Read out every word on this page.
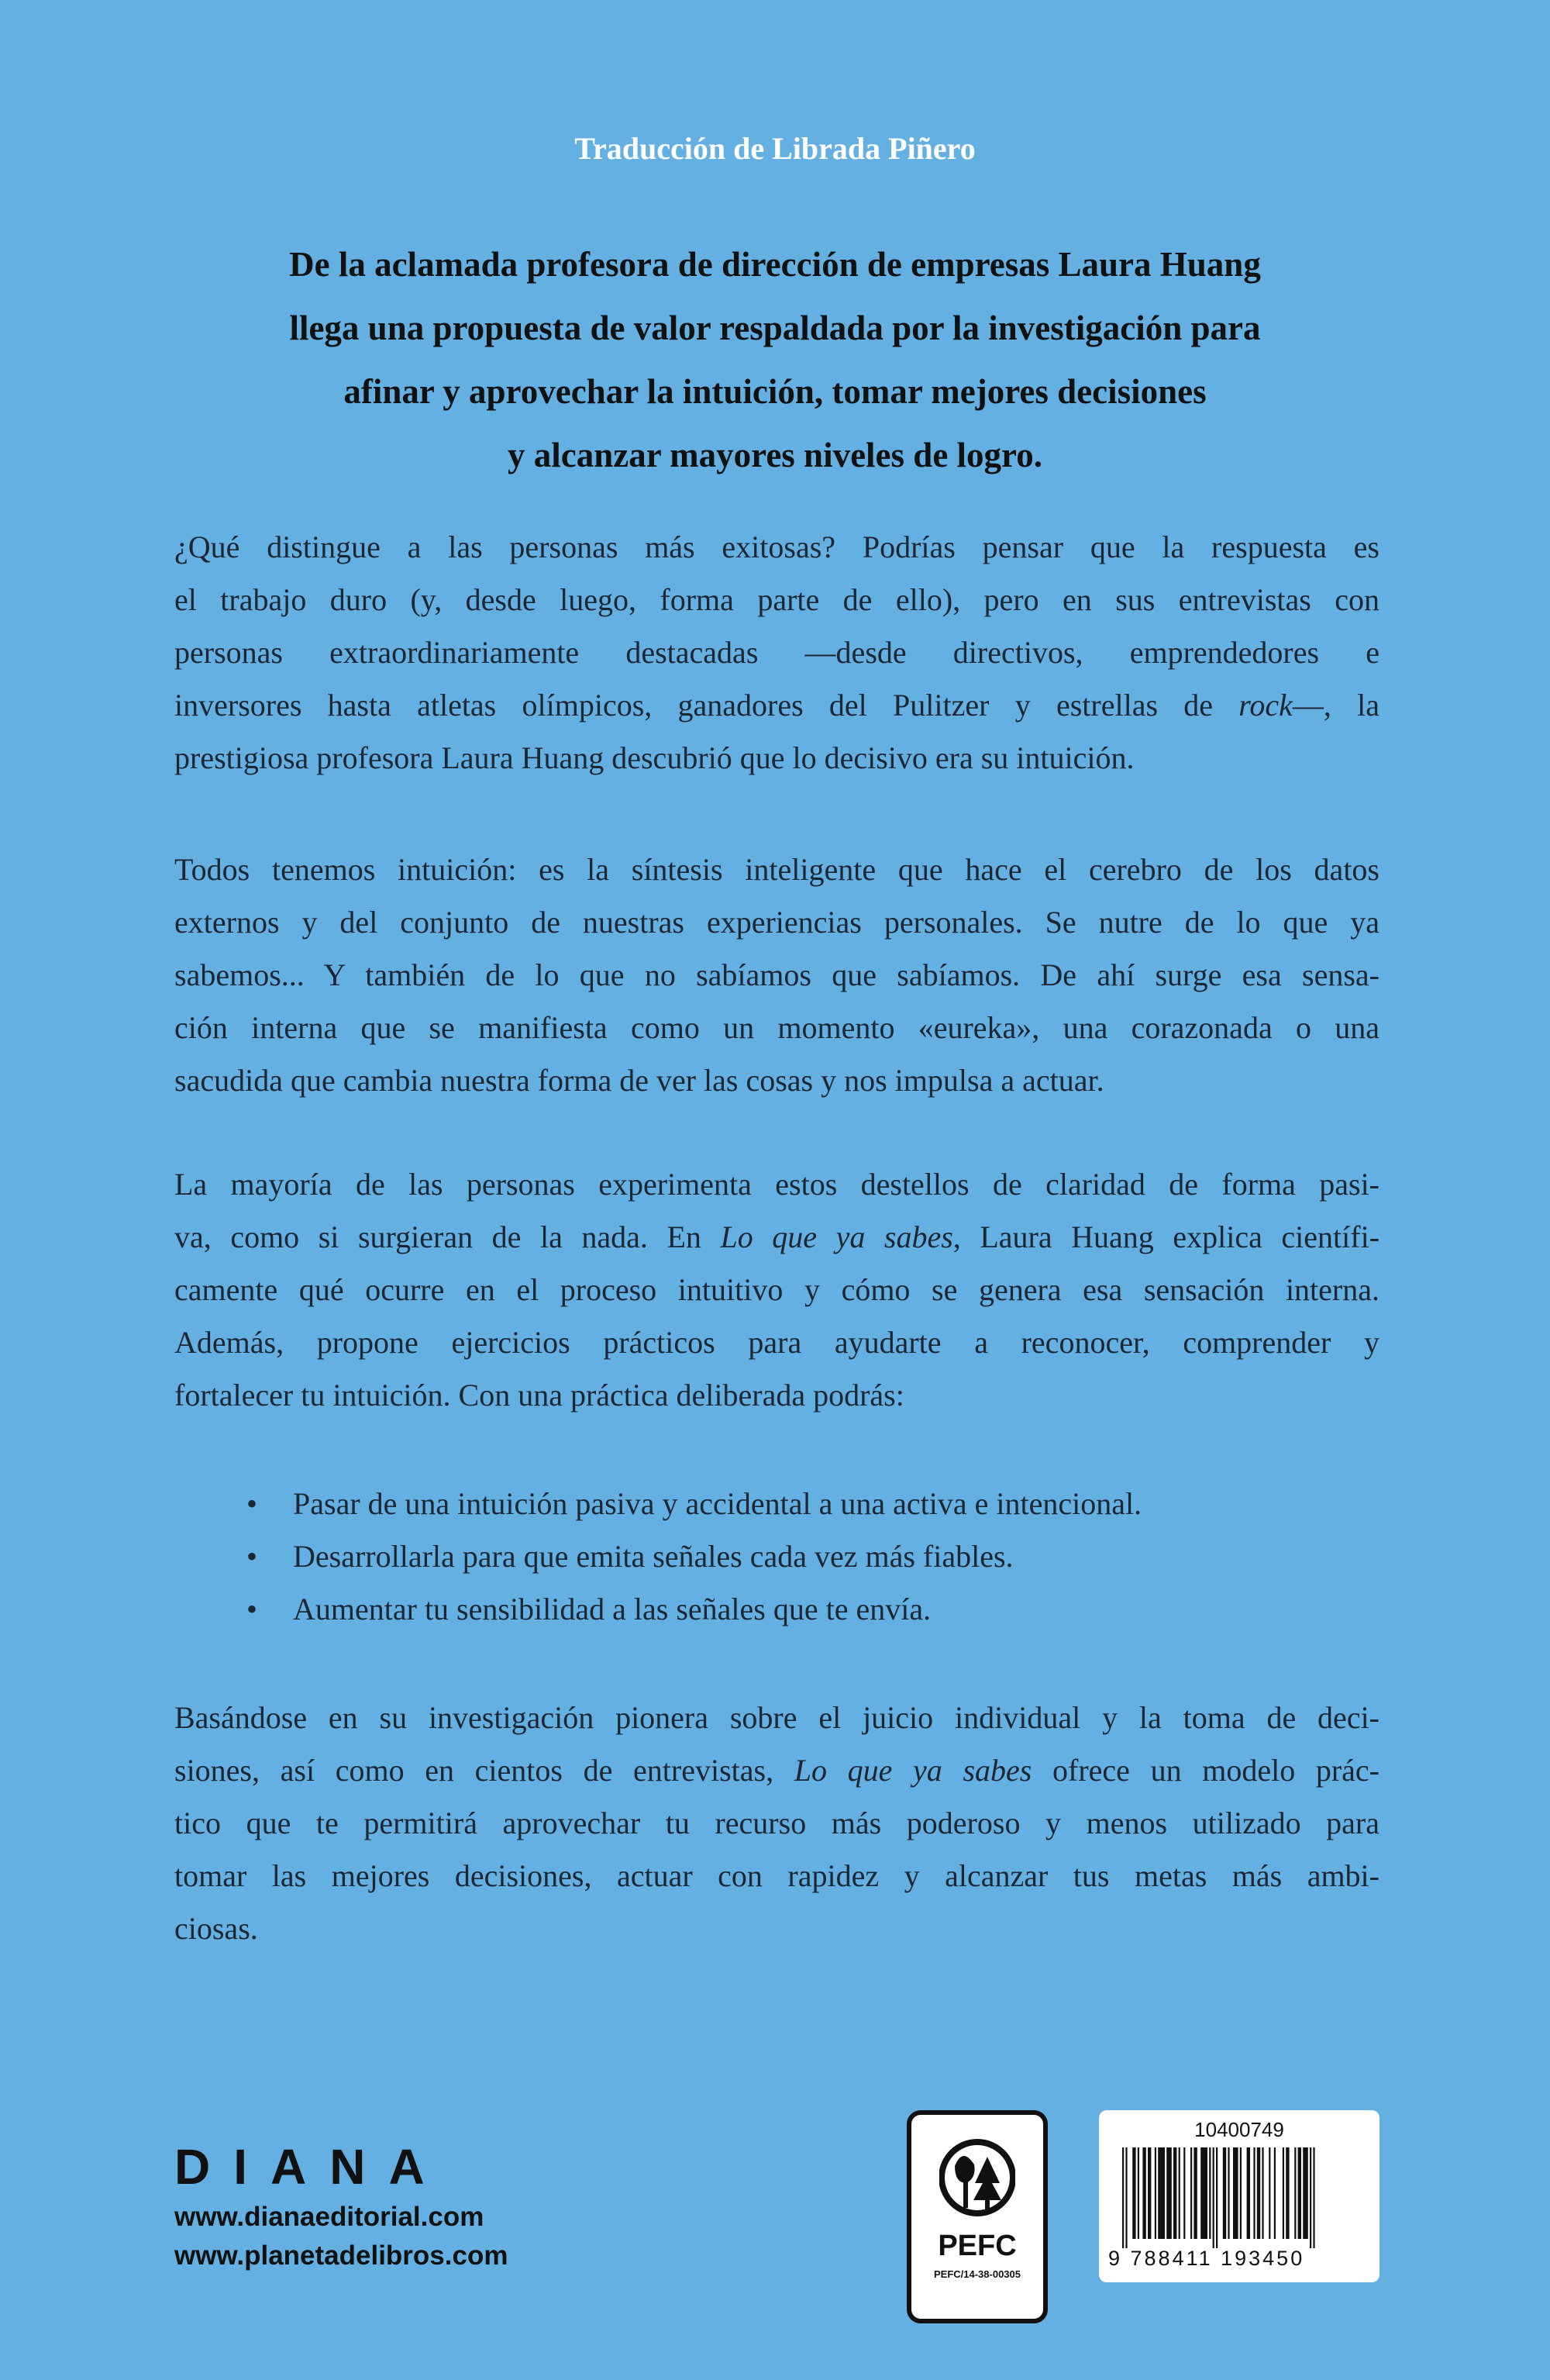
Traducción de Librada Piñero
De la aclamada profesora de dirección de empresas Laura Huang
llega una propuesta de valor respaldada por la investigación para
afinar y aprovechar la intuición, tomar mejores decisiones
y alcanzar mayores niveles de logro.
¿Qué distingue a las personas más exitosas? Podrías pensar que la respuesta es
el trabajo duro (y, desde luego, forma parte de ello), pero en sus entrevistas con
personas extraordinariamente destacadas —desde directivos, emprendedores e
inversores hasta atletas olímpicos, ganadores del Pulitzer y estrellas de rock—, la
prestigiosa profesora Laura Huang descubrió que lo decisivo era su intuición.
Todos tenemos intuición: es la síntesis inteligente que hace el cerebro de los datos
externos y del conjunto de nuestras experiencias personales. Se nutre de lo que ya
sabemos... Y también de lo que no sabíamos que sabíamos. De ahí surge esa sensa-
ción interna que se manifiesta como un momento «eureka», una corazonada o una
sacudida que cambia nuestra forma de ver las cosas y nos impulsa a actuar.
La mayoría de las personas experimenta estos destellos de claridad de forma pasi-
va, como si surgieran de la nada. En Lo que ya sabes, Laura Huang explica científi-
camente qué ocurre en el proceso intuitivo y cómo se genera esa sensación interna.
Además, propone ejercicios prácticos para ayudarte a reconocer, comprender y
fortalecer tu intuición. Con una práctica deliberada podrás:
•	Pasar de una intuición pasiva y accidental a una activa e intencional.
•	Desarrollarla para que emita señales cada vez más fiables.
•	Aumentar tu sensibilidad a las señales que te envía.
Basándose en su investigación pionera sobre el juicio individual y la toma de deci-
siones, así como en cientos de entrevistas, Lo que ya sabes ofrece un modelo prác-
tico que te permitirá aprovechar tu recurso más poderoso y menos utilizado para
tomar las mejores decisiones, actuar con rapidez y alcanzar tus metas más ambi-
ciosas.
DIANA
www.dianaeditorial.com
www.planetadelibros.com	PEFC
PEFC/14-38-00305
10400749
9 788411 193450
